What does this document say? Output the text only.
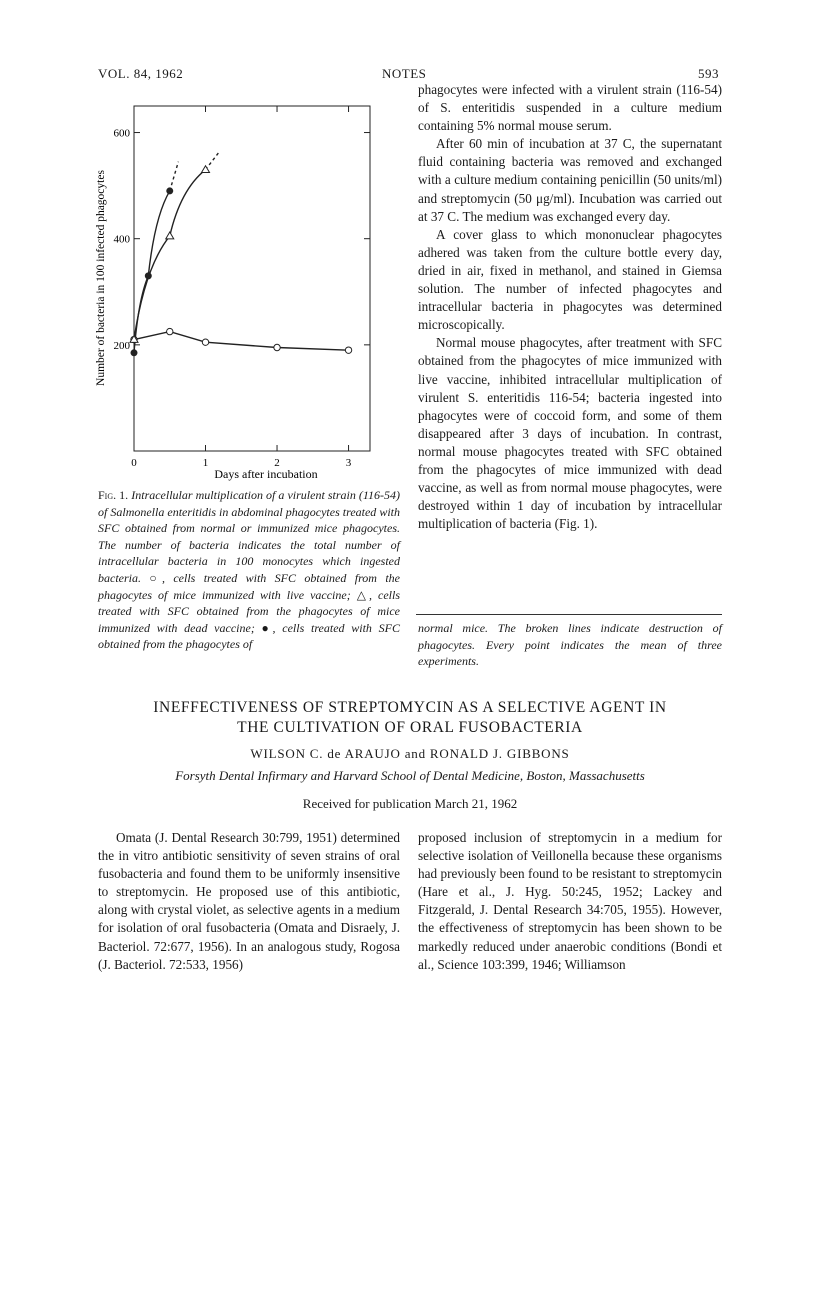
VOL. 84, 1962	NOTES	593
0	1	2	3
200
400
600
Number of bacteria in 100 infected phagocytes
Days after incubation
Fig. 1. Intracellular multiplication of a virulent strain (116-54) of Salmonella enteritidis in abdominal phagocytes treated with SFC obtained from normal or immunized mice phagocytes. The number of bacteria indicates the total number of intracellular bacteria in 100 monocytes which ingested bacteria. ○, cells treated with SFC obtained from the phagocytes of mice immunized with live vaccine; △, cells treated with SFC obtained from the phagocytes of mice immunized with dead vaccine; ●, cells treated with SFC obtained from the phagocytes of

phagocytes were infected with a virulent strain (116-54) of S. enteritidis suspended in a culture medium containing 5% normal mouse serum.

After 60 min of incubation at 37 C, the supernatant fluid containing bacteria was removed and exchanged with a culture medium containing penicillin (50 units/ml) and streptomycin (50 μg/ml). Incubation was carried out at 37 C. The medium was exchanged every day.

A cover glass to which mononuclear phagocytes adhered was taken from the culture bottle every day, dried in air, fixed in methanol, and stained in Giemsa solution. The number of infected phagocytes and intracellular bacteria in phagocytes was determined microscopically.

Normal mouse phagocytes, after treatment with SFC obtained from the phagocytes of mice immunized with live vaccine, inhibited intracellular multiplication of virulent S. enteritidis 116-54; bacteria ingested into phagocytes were of coccoid form, and some of them disappeared after 3 days of incubation. In contrast, normal mouse phagocytes treated with SFC obtained from the phagocytes of mice immunized with dead vaccine, as well as from normal mouse phagocytes, were destroyed within 1 day of incubation by intracellular multiplication of bacteria (Fig. 1).

normal mice. The broken lines indicate destruction of phagocytes. Every point indicates the mean of three experiments.
INEFFECTIVENESS OF STREPTOMYCIN AS A SELECTIVE AGENT IN
THE CULTIVATION OF ORAL FUSOBACTERIA
WILSON C. de ARAUJO and RONALD J. GIBBONS
Forsyth Dental Infirmary and Harvard School of Dental Medicine, Boston, Massachusetts
Received for publication March 21, 1962

Omata (J. Dental Research 30:799, 1951) determined the in vitro antibiotic sensitivity of seven strains of oral fusobacteria and found them to be uniformly insensitive to streptomycin. He proposed use of this antibiotic, along with crystal violet, as selective agents in a medium for isolation of oral fusobacteria (Omata and Disraely, J. Bacteriol. 72:677, 1956). In an analogous study, Rogosa (J. Bacteriol. 72:533, 1956)

proposed inclusion of streptomycin in a medium for selective isolation of Veillonella because these organisms had previously been found to be resistant to streptomycin (Hare et al., J. Hyg. 50:245, 1952; Lackey and Fitzgerald, J. Dental Research 34:705, 1955). However, the effectiveness of streptomycin has been shown to be markedly reduced under anaerobic conditions (Bondi et al., Science 103:399, 1946; Williamson
